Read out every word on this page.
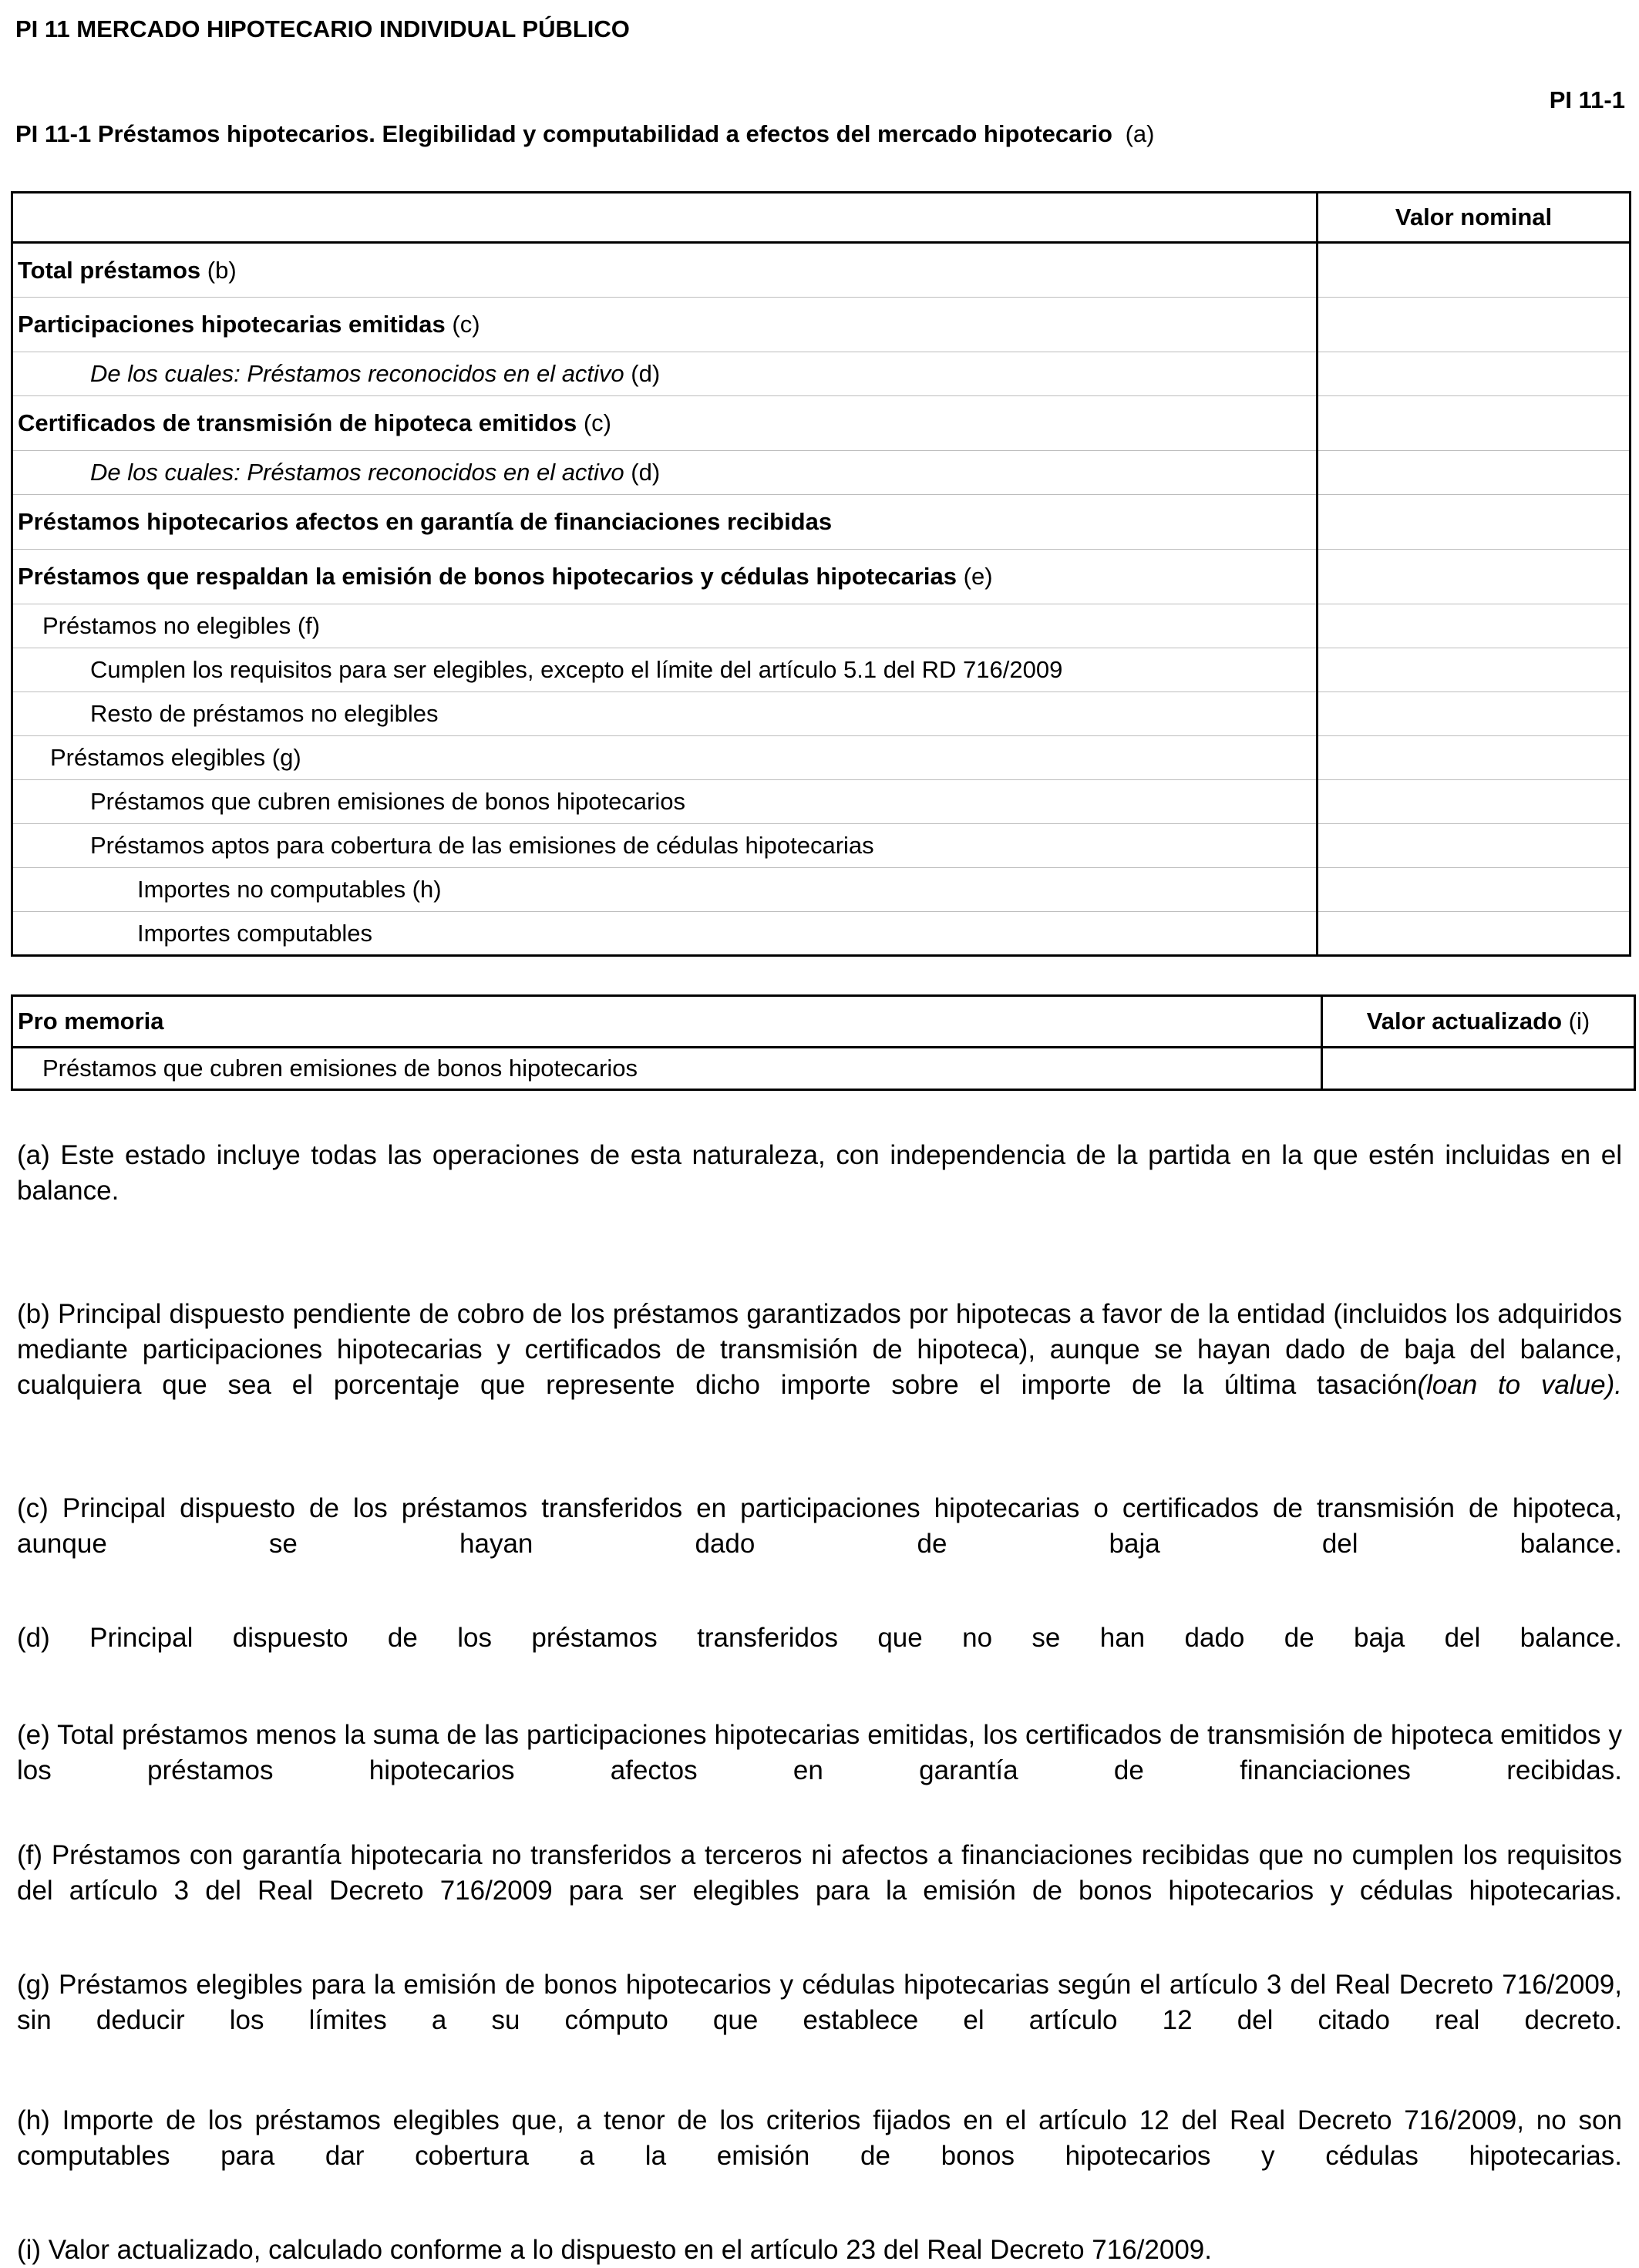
PI 11 MERCADO HIPOTECARIO INDIVIDUAL PÚBLICO
PI 11-1
PI 11-1 Préstamos hipotecarios. Elegibilidad y computabilidad a efectos del mercado hipotecario (a)
	Valor nominal
Total préstamos (b)	
Participaciones hipotecarias emitidas (c)	
De los cuales: Préstamos reconocidos en el activo (d)	
Certificados de transmisión de hipoteca emitidos (c)	
De los cuales: Préstamos reconocidos en el activo (d)	
Préstamos hipotecarios afectos en garantía de financiaciones recibidas	
Préstamos que respaldan la emisión de bonos hipotecarios y cédulas hipotecarias (e)	
Préstamos no elegibles (f)	
Cumplen los requisitos para ser elegibles, excepto el límite del artículo 5.1 del RD 716/2009	
Resto de préstamos no elegibles	
Préstamos elegibles (g)	
Préstamos que cubren emisiones de bonos hipotecarios	
Préstamos aptos para cobertura de las emisiones de cédulas hipotecarias	
Importes no computables (h)	
Importes computables	
Pro memoria	Valor actualizado (i)
Préstamos que cubren emisiones de bonos hipotecarios	

(a) Este estado incluye todas las operaciones de esta naturaleza, con independencia de la partida en la que estén incluidas en el balance.

(b) Principal dispuesto pendiente de cobro de los préstamos garantizados por hipotecas a favor de la entidad (incluidos los adquiridos mediante participaciones hipotecarias y certificados de transmisión de hipoteca), aunque se hayan dado de baja del balance, cualquiera que sea el porcentaje que represente dicho importe sobre el importe de la última tasación(loan to value).

(c) Principal dispuesto de los préstamos transferidos en participaciones hipotecarias o certificados de transmisión de hipoteca, aunque se hayan dado de baja del balance.

(d) Principal dispuesto de los préstamos transferidos que no se han dado de baja del balance.

(e) Total préstamos menos la suma de las participaciones hipotecarias emitidas, los certificados de transmisión de hipoteca emitidos y los préstamos hipotecarios afectos en garantía de financiaciones recibidas.

(f) Préstamos con garantía hipotecaria no transferidos a terceros ni afectos a financiaciones recibidas que no cumplen los requisitos del artículo 3 del Real Decreto 716/2009 para ser elegibles para la emisión de bonos hipotecarios y cédulas hipotecarias.

(g) Préstamos elegibles para la emisión de bonos hipotecarios y cédulas hipotecarias según el artículo 3 del Real Decreto 716/2009, sin deducir los límites a su cómputo que establece el artículo 12 del citado real decreto.

(h) Importe de los préstamos elegibles que, a tenor de los criterios fijados en el artículo 12 del Real Decreto 716/2009, no son computables para dar cobertura a la emisión de bonos hipotecarios y cédulas hipotecarias.

(i) Valor actualizado, calculado conforme a lo dispuesto en el artículo 23 del Real Decreto 716/2009.
